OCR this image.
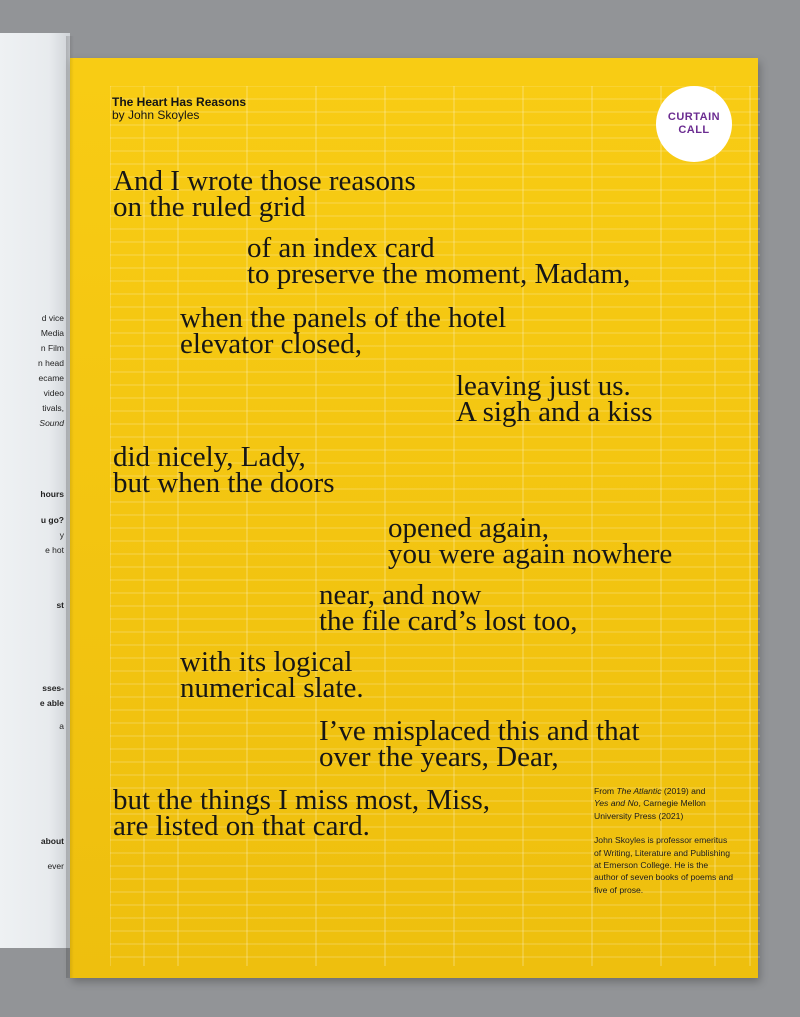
d vice
Media
n Film
n head
ecame
video
tivals,
Sound
hours
u go?
y
e hot
st
sses-
e able
a
about
ever
The Heart Has Reasons
by John Skoyles	CURTAIN
CALL
And I wrote those reasons
on the ruled grid
of an index card
to preserve the moment, Madam,
when the panels of the hotel
elevator closed,
leaving just us.
A sigh and a kiss
did nicely, Lady,
but when the doors
opened again,
you were again nowhere
near, and now
the file card’s lost too,
with its logical
numerical slate.
I’ve misplaced this and that
over the years, Dear,
but the things I miss most, Miss,
are listed on that card.

From The Atlantic (2019) and
Yes and No, Carnegie Mellon University Press (2021)

John Skoyles is professor emeritus of Writing, Literature and Publishing at Emerson College. He is the author of seven books of poems and five of prose.
